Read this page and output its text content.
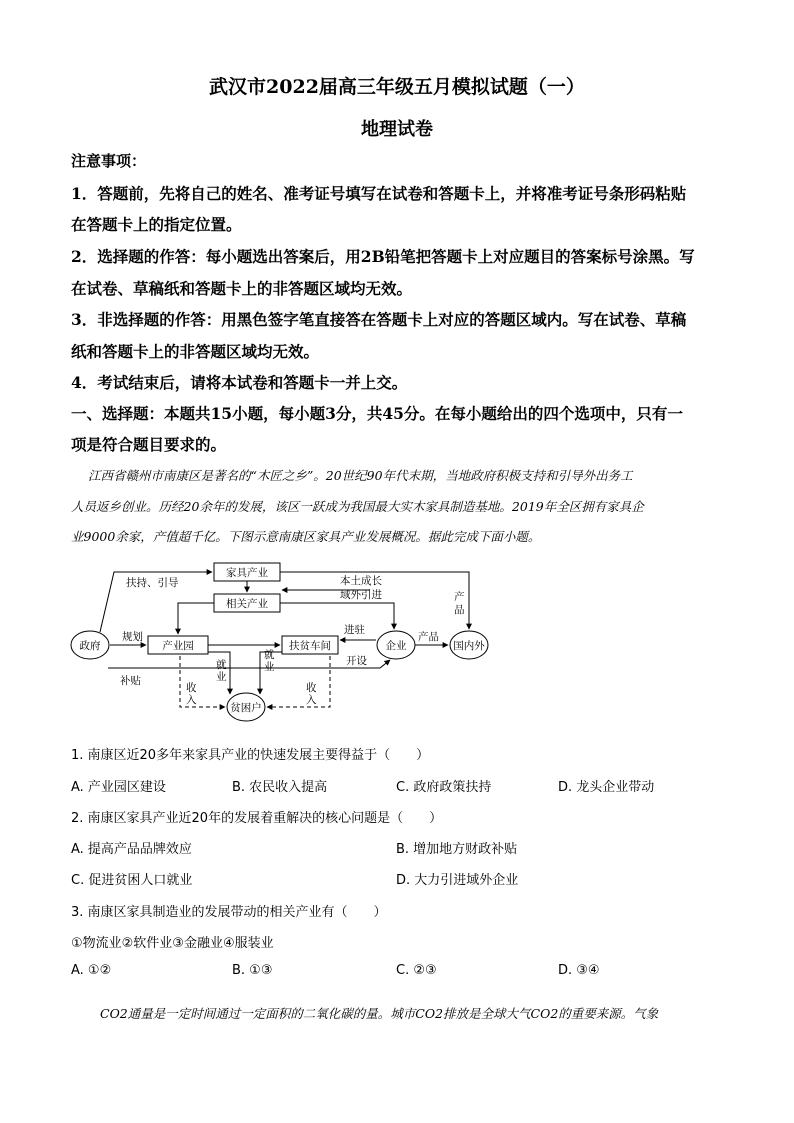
武汉市2022届高三年级五月模拟试题（一）
地理试卷
注意事项：
1．答题前，先将自己的姓名、准考证号填写在试卷和答题卡上，并将准考证号条形码粘贴
在答题卡上的指定位置。
2．选择题的作答：每小题选出答案后，用2B铅笔把答题卡上对应题目的答案标号涂黑。写
在试卷、草稿纸和答题卡上的非答题区域均无效。
3．非选择题的作答：用黑色签字笔直接答在答题卡上对应的答题区域内。写在试卷、草稿
纸和答题卡上的非答题区域均无效。
4．考试结束后，请将本试卷和答题卡一并上交。
一、选择题：本题共15小题，每小题3分，共45分。在每小题给出的四个选项中，只有一
项是符合题目要求的。
江西省赣州市南康区是著名的“木匠之乡”。20世纪90年代末期，当地政府积极支持和引导外出务工
人员返乡创业。历经20余年的发展，该区一跃成为我国最大实木家具制造基地。2019年全区拥有家具企
业9000余家，产值超千亿。下图示意南康区家具产业发展概况。据此完成下面小题。
家具产业
相关产业
产业园	扶贫车间
政府	企业	国内外
贫困户
扶持、引导	本土成长
域外引进	产
品
规划
进驻
开设
产品
补贴
就
业
就
业
收
入
收
入
1. 南康区近20多年来家具产业的快速发展主要得益于（　　）
A. 产业园区建设	B. 农民收入提高	C. 政府政策扶持	D. 龙头企业带动
2. 南康区家具产业近20年的发展着重解决的核心问题是（　　）
A. 提高产品品牌效应	B. 增加地方财政补贴
C. 促进贫困人口就业	D. 大力引进域外企业
3. 南康区家具制造业的发展带动的相关产业有（　　）
①物流业②软件业③金融业④服装业
A. ①②	B. ①③	C. ②③	D. ③④
CO2通量是一定时间通过一定面积的二氧化碳的量。城市CO2排放是全球大气CO2的重要来源。气象
